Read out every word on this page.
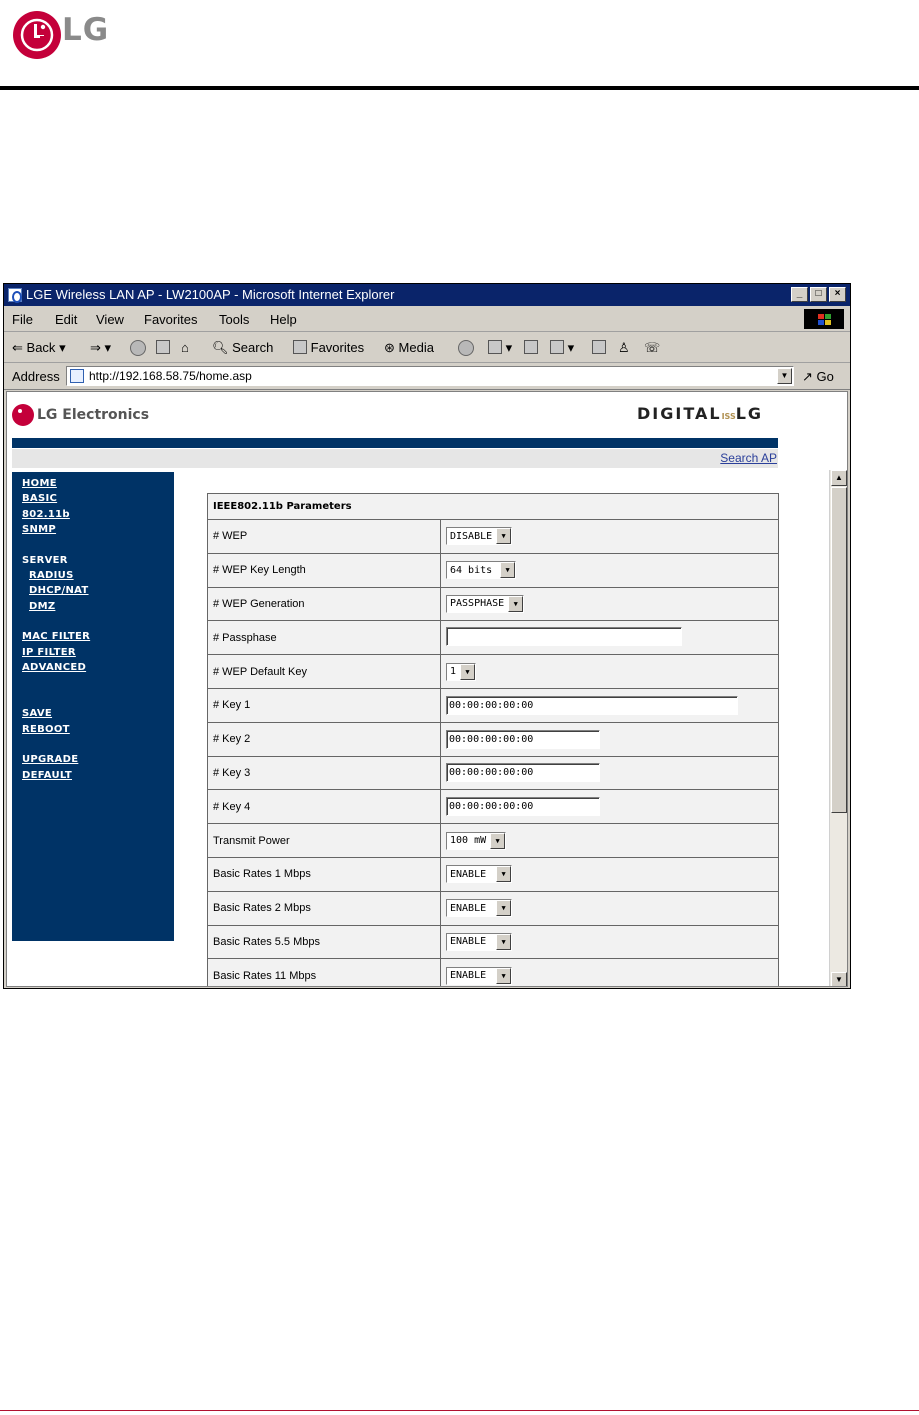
LG
LGE Wireless LAN AP - LW2100AP - Microsoft Internet Explorer	_	□	×
File Edit View Favorites Tools Help
⇐ Back ▾ ⇒ ▾	⌂ 🔍︎ Search	Favorites ⊛ Media	▾	▾	♙ ☏
Address	http://192.168.58.75/home.asp	▼ ↗ Go
LG Electronics	DIGITALISSLG
Search AP
HOME
BASIC
802.11b
SNMP
SERVER
RADIUS
DHCP/NAT
DMZ
MAC FILTER
IP FILTER
ADVANCED
SAVE
REBOOT
UPGRADE
DEFAULT
IEEE802.11b Parameters	
# WEP	DISABLE ▼

# WEP Key Length	64 bits ▼

# WEP Generation	PASSPHASE ▼

# Passphase	
# WEP Default Key	1 ▼

# Key 1	00:00:00:00:00
# Key 2	00:00:00:00:00
# Key 3	00:00:00:00:00
# Key 4	00:00:00:00:00
Transmit Power	100 mW ▼

Basic Rates 1 Mbps	ENABLE ▼

Basic Rates 2 Mbps	ENABLE ▼

Basic Rates 5.5 Mbps	ENABLE ▼

Basic Rates 11 Mbps	ENABLE ▼
▲
▼
